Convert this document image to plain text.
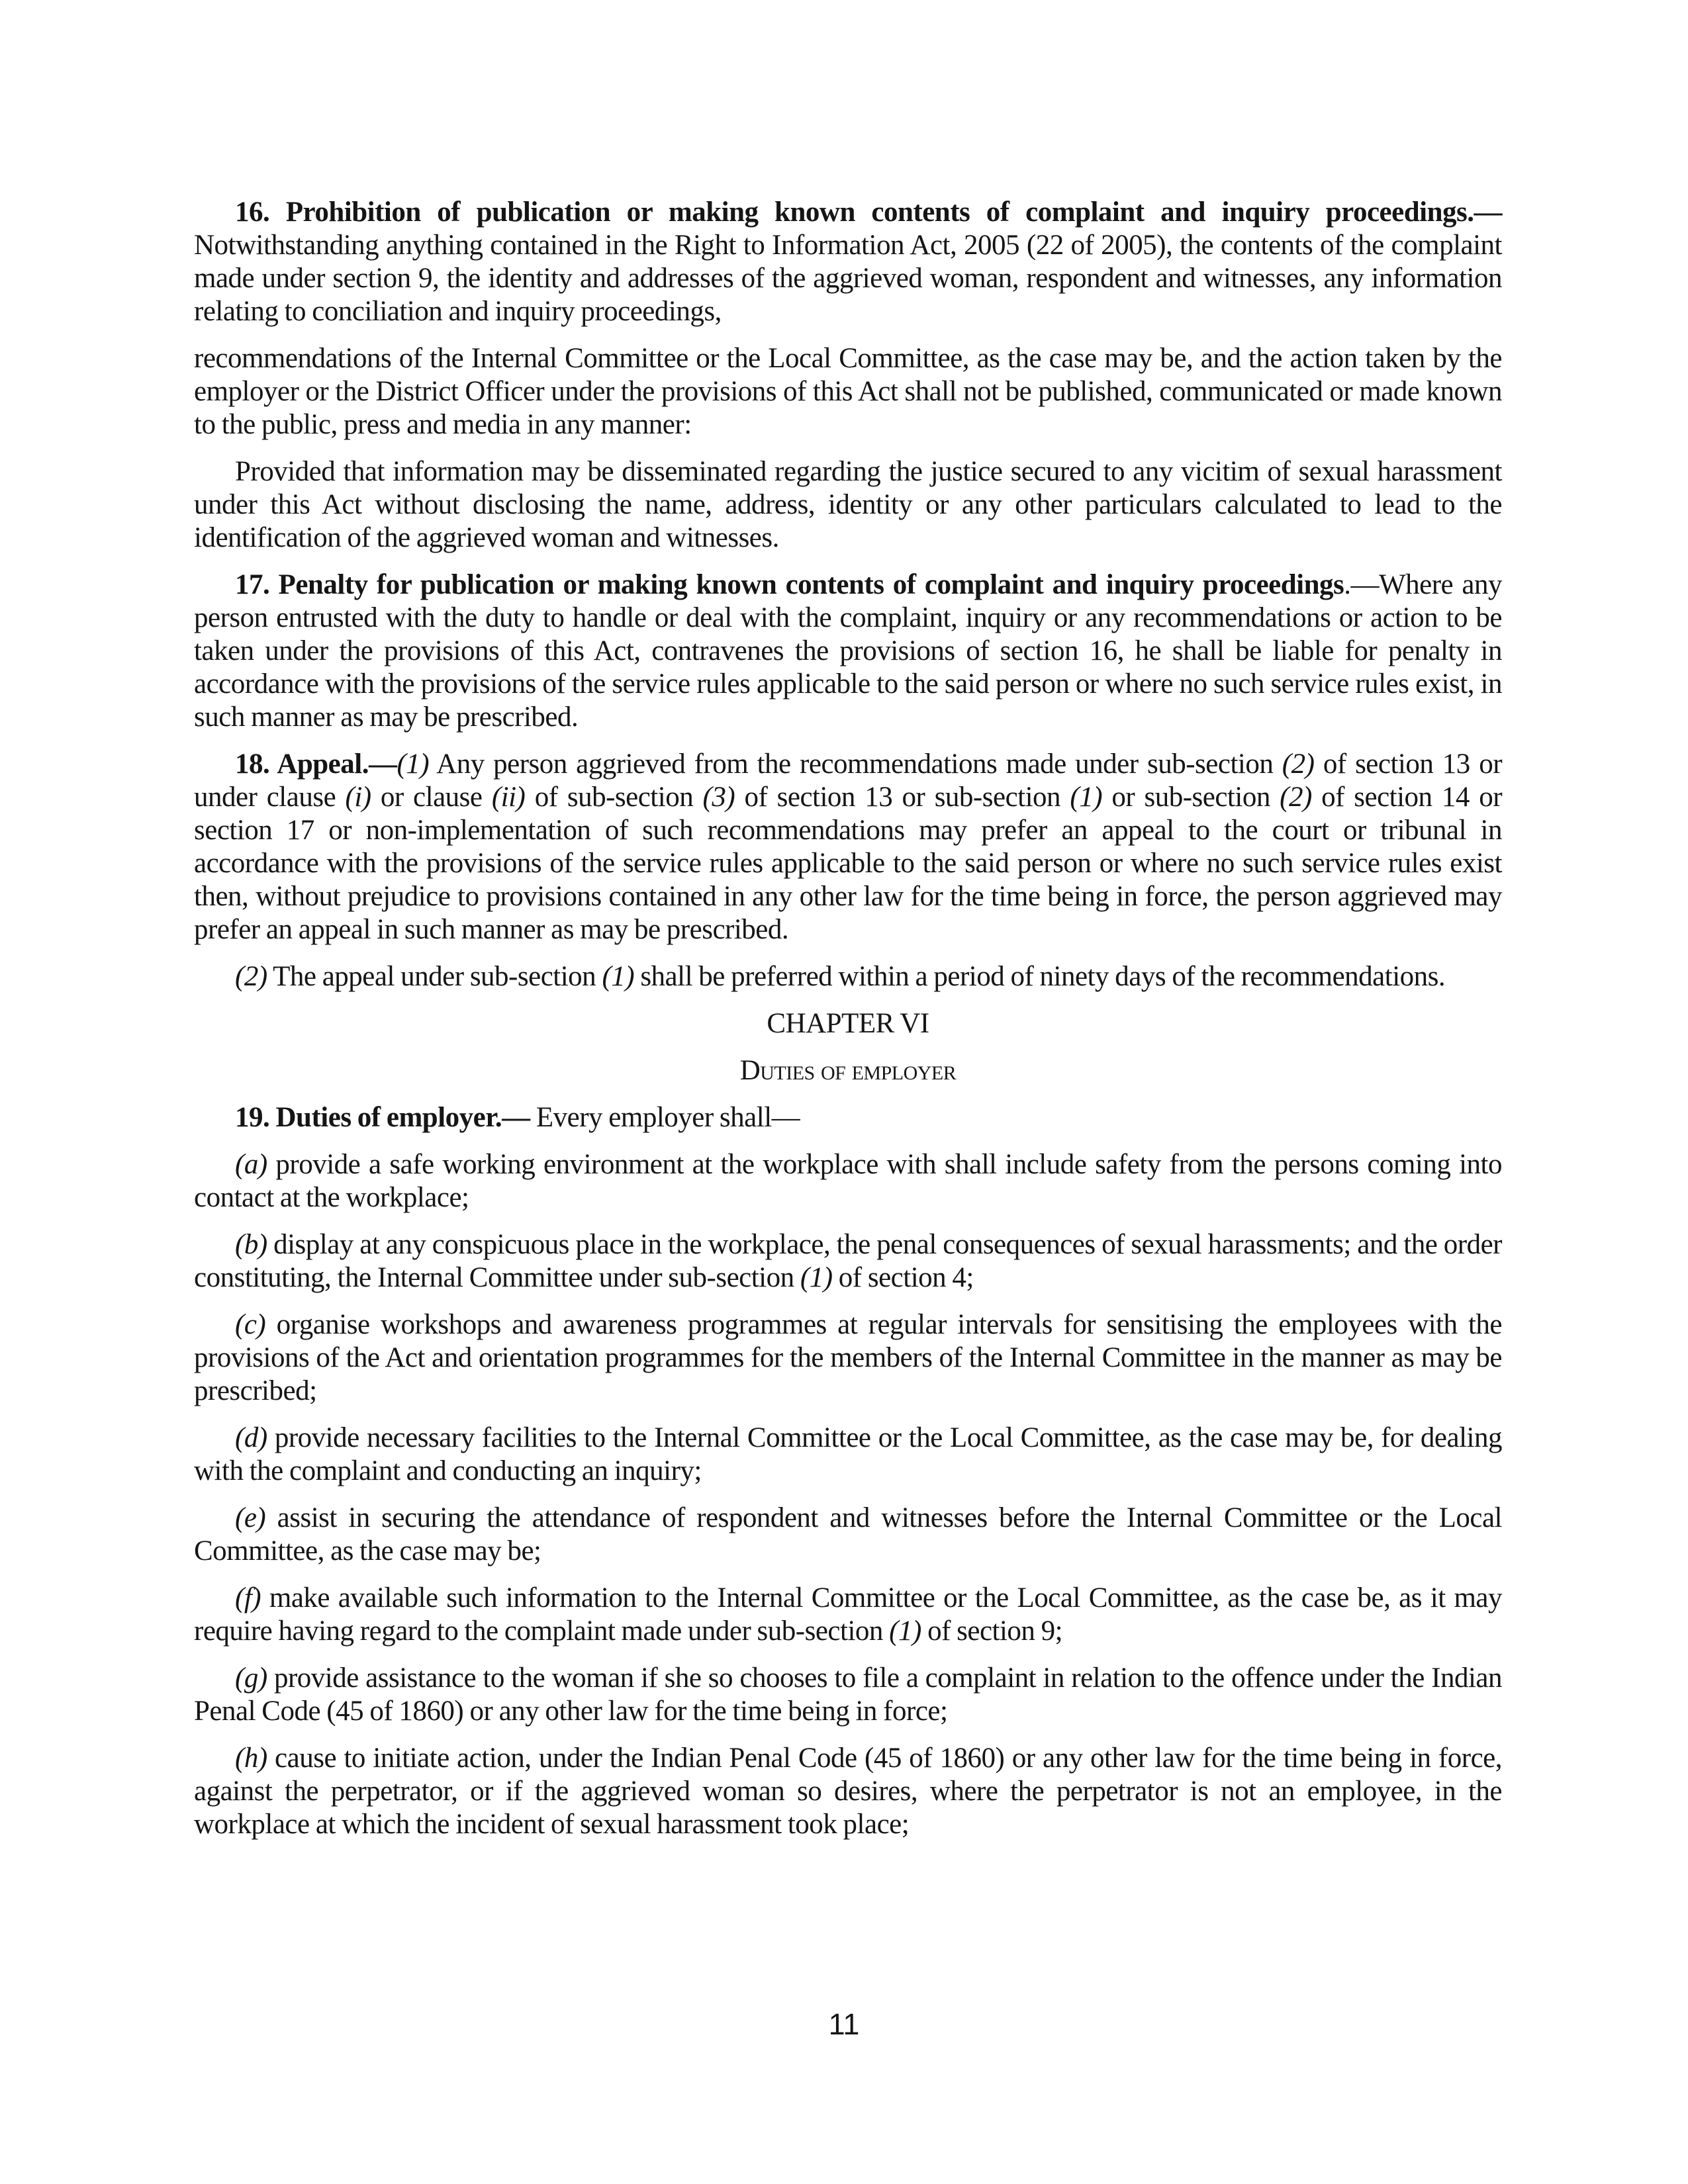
16. Prohibition of publication or making known contents of complaint and inquiry proceedings.—Notwithstanding anything contained in the Right to Information Act, 2005 (22 of 2005), the contents of the complaint made under section 9, the identity and addresses of the aggrieved woman, respondent and witnesses, any information relating to conciliation and inquiry proceedings,

recommendations of the Internal Committee or the Local Committee, as the case may be, and the action taken by the employer or the District Officer under the provisions of this Act shall not be published, communicated or made known to the public, press and media in any manner:

Provided that information may be disseminated regarding the justice secured to any vicitim of sexual harassment under this Act without disclosing the name, address, identity or any other particulars calculated to lead to the identification of the aggrieved woman and witnesses.

17. Penalty for publication or making known contents of complaint and inquiry proceedings.—Where any person entrusted with the duty to handle or deal with the complaint, inquiry or any recommendations or action to be taken under the provisions of this Act, contravenes the provisions of section 16, he shall be liable for penalty in accordance with the provisions of the service rules applicable to the said person or where no such service rules exist, in such manner as may be prescribed.

18. Appeal.—(1) Any person aggrieved from the recommendations made under sub-section (2) of section 13 or under clause (i) or clause (ii) of sub-section (3) of section 13 or sub-section (1) or sub-section (2) of section 14 or section 17 or non-implementation of such recommendations may prefer an appeal to the court or tribunal in accordance with the provisions of the service rules applicable to the said person or where no such service rules exist then, without prejudice to provisions contained in any other law for the time being in force, the person aggrieved may prefer an appeal in such manner as may be prescribed.

(2) The appeal under sub-section (1) shall be preferred within a period of ninety days of the recommendations.

CHAPTER VI

Duties of employer

19. Duties of employer.— Every employer shall—

(a) provide a safe working environment at the workplace with shall include safety from the persons coming into contact at the workplace;

(b) display at any conspicuous place in the workplace, the penal consequences of sexual harassments; and the order constituting, the Internal Committee under sub-section (1) of section 4;

(c) organise workshops and awareness programmes at regular intervals for sensitising the employees with the provisions of the Act and orientation programmes for the members of the Internal Committee in the manner as may be prescribed;

(d) provide necessary facilities to the Internal Committee or the Local Committee, as the case may be, for dealing with the complaint and conducting an inquiry;

(e) assist in securing the attendance of respondent and witnesses before the Internal Committee or the Local Committee, as the case may be;

(f) make available such information to the Internal Committee or the Local Committee, as the case be, as it may require having regard to the complaint made under sub-section (1) of section 9;

(g) provide assistance to the woman if she so chooses to file a complaint in relation to the offence under the Indian Penal Code (45 of 1860) or any other law for the time being in force;

(h) cause to initiate action, under the Indian Penal Code (45 of 1860) or any other law for the time being in force, against the perpetrator, or if the aggrieved woman so desires, where the perpetrator is not an employee, in the workplace at which the incident of sexual harassment took place;

11
